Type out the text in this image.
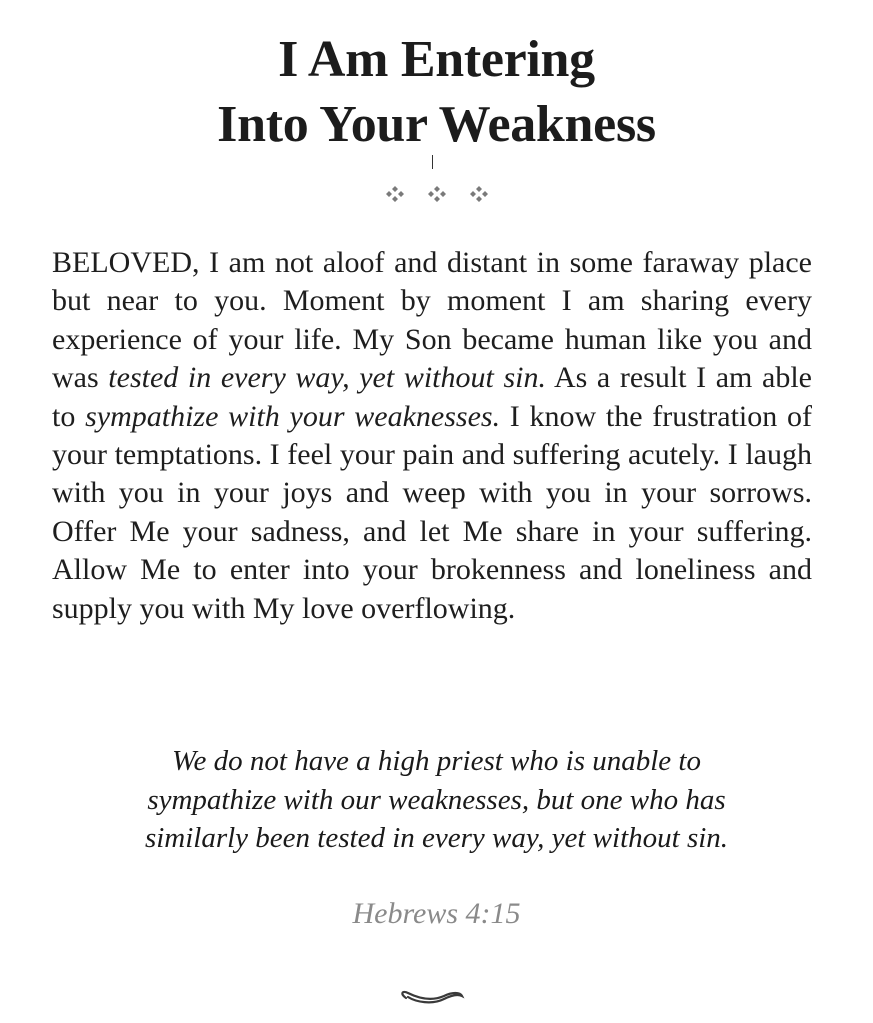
I Am Entering
Into Your Weakness

BELOVED, I am not aloof and distant in some faraway place but near to you. Moment by moment I am sharing every experience of your life. My Son became human like you and was tested in every way, yet without sin. As a result I am able to sympathize with your weaknesses. I know the frustration of your temptations. I feel your pain and suffering acutely. I laugh with you in your joys and weep with you in your sorrows. Offer Me your sadness, and let Me share in your suffering. Allow Me to enter into your brokenness and loneliness and supply you with My love overflowing.

We do not have a high priest who is unable to
sympathize with our weaknesses, but one who has
similarly been tested in every way, yet without sin.
Hebrews 4:15
